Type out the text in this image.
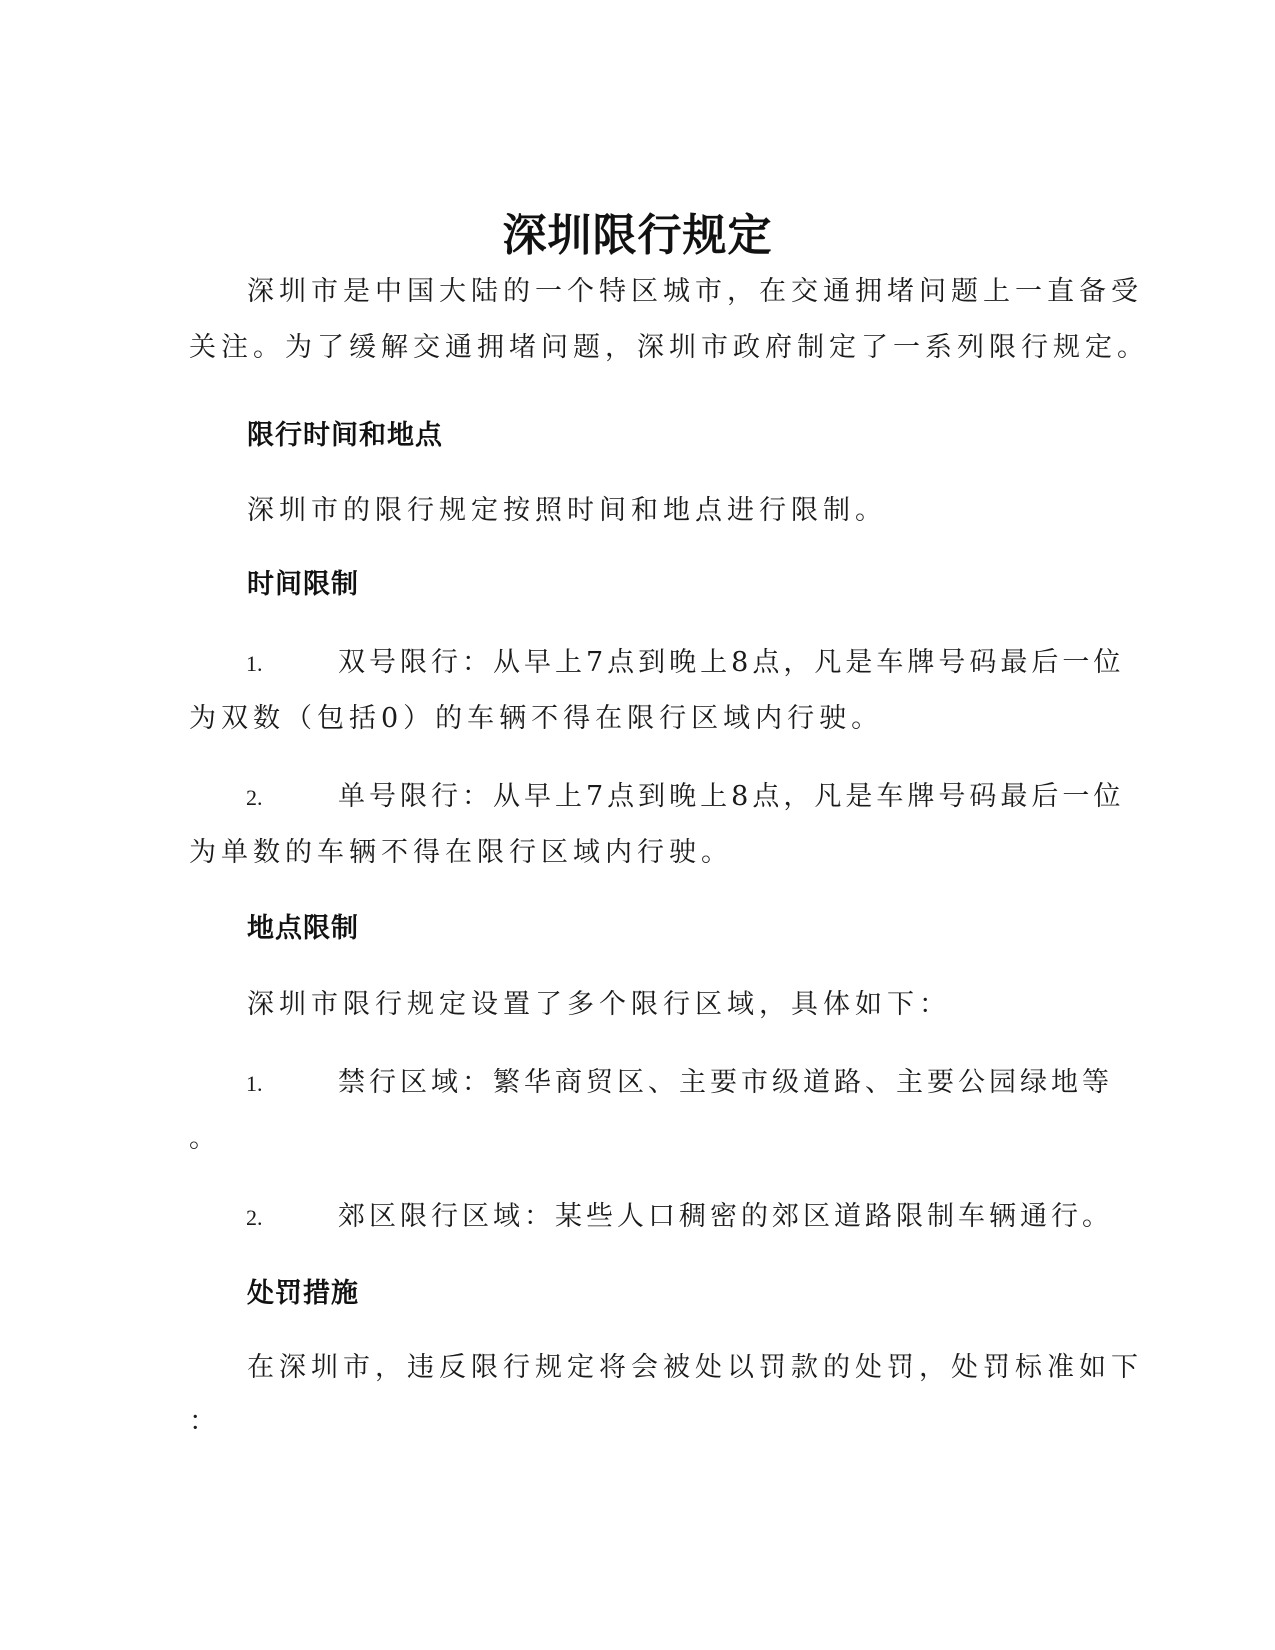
深圳限行规定
深圳市是中国大陆的一个特区城市，在交通拥堵问题上一直备受
关注。为了缓解交通拥堵问题，深圳市政府制定了一系列限行规定。
限行时间和地点
深圳市的限行规定按照时间和地点进行限制。
时间限制
1.	双号限行：从早上7点到晚上8点，凡是车牌号码最后一位
为双数（包括0）的车辆不得在限行区域内行驶。
2.	单号限行：从早上7点到晚上8点，凡是车牌号码最后一位
为单数的车辆不得在限行区域内行驶。
地点限制
深圳市限行规定设置了多个限行区域，具体如下：
1.	禁行区域：繁华商贸区、主要市级道路、主要公园绿地等
。
2.	郊区限行区域：某些人口稠密的郊区道路限制车辆通行。
处罚措施
在深圳市，违反限行规定将会被处以罚款的处罚，处罚标准如下
：
